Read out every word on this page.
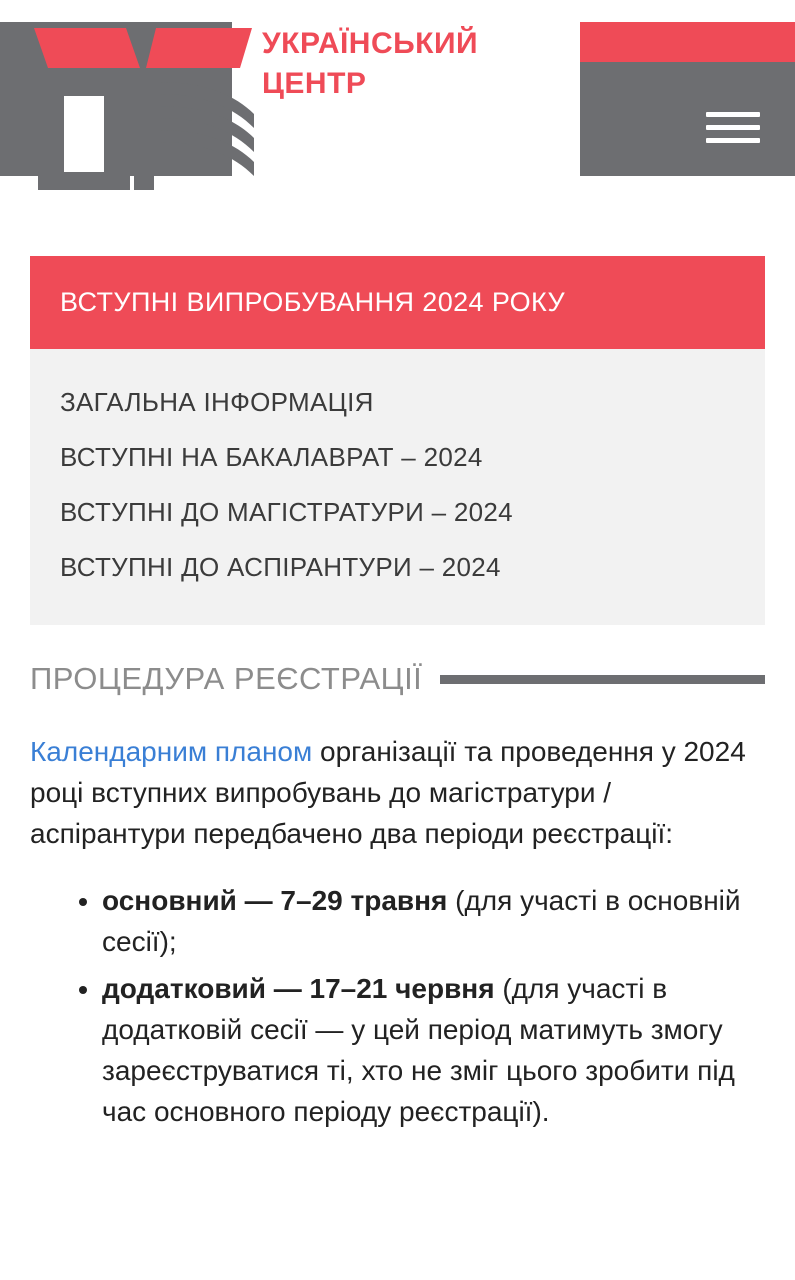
УКРАЇНСЬКИЙ
ЦЕНТР
ОЦІНЮВАННЯ
ЯКОСТІ ОСВІТИ
ВСТУПНІ ВИПРОБУВАННЯ 2024 РОКУ
ЗАГАЛЬНА ІНФОРМАЦІЯ
ВСТУПНІ НА БАКАЛАВРАТ – 2024
ВСТУПНІ ДО МАГІСТРАТУРИ – 2024
ВСТУПНІ ДО АСПІРАНТУРИ – 2024
ПРОЦЕДУРА РЕЄСТРАЦІЇ

Календарним планом організації та проведення у 2024 році вступних випробувань до магістратури / аспірантури передбачено два періоди реєстрації:

• основний — 7–29 травня (для участі в основній сесії);
• додатковий — 17–21 червня (для участі в додатковій сесії — у цей період матимуть змогу зареєструватися ті, хто не зміг цього зробити під час основного періоду реєстрації).
